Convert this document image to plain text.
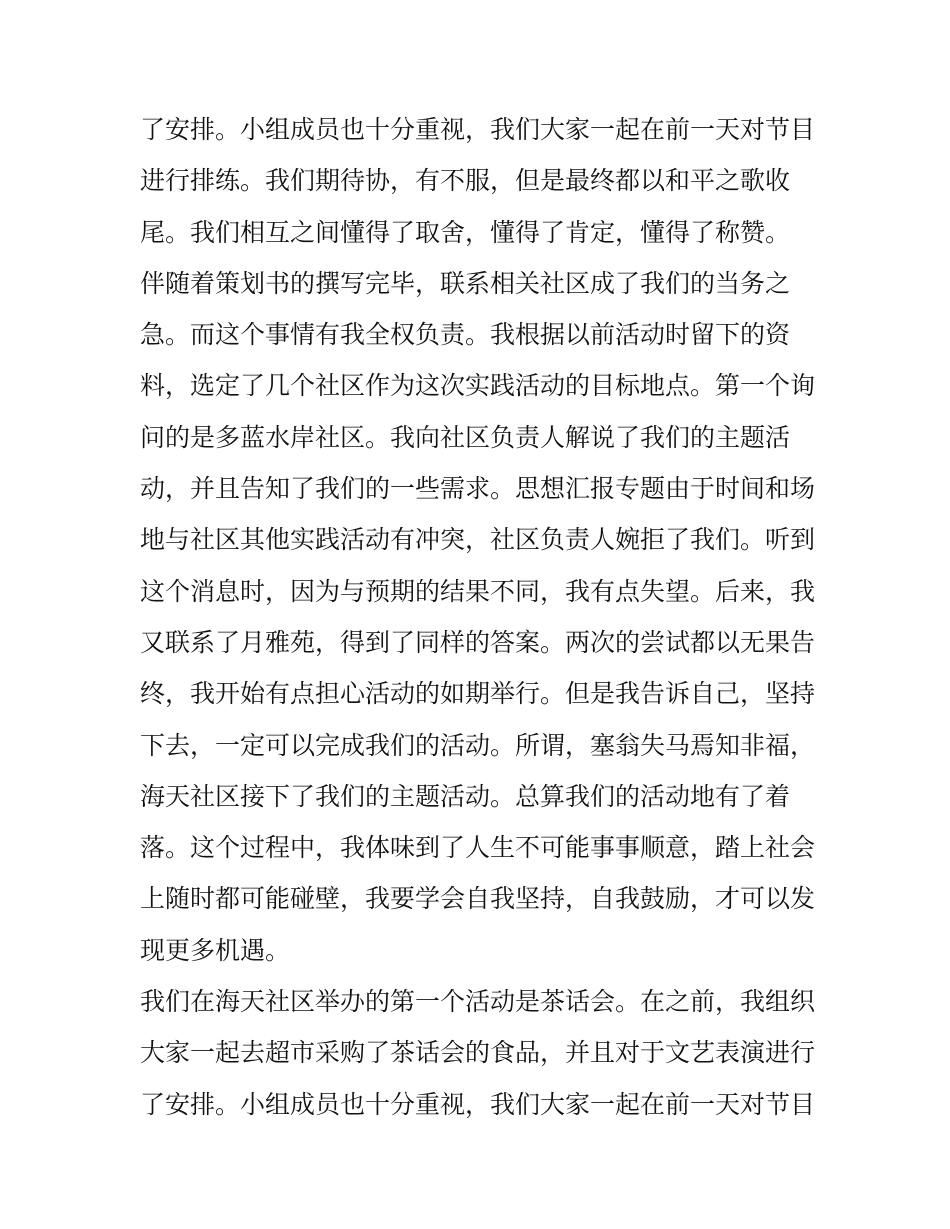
了安排。小组成员也十分重视，我们大家一起在前一天对节目
进行排练。我们期待协，有不服，但是最终都以和平之歌收
尾。我们相互之间懂得了取舍，懂得了肯定，懂得了称赞。
伴随着策划书的撰写完毕，联系相关社区成了我们的当务之
急。而这个事情有我全权负责。我根据以前活动时留下的资
料，选定了几个社区作为这次实践活动的目标地点。第一个询
问的是多蓝水岸社区。我向社区负责人解说了我们的主题活
动，并且告知了我们的一些需求。思想汇报专题由于时间和场
地与社区其他实践活动有冲突，社区负责人婉拒了我们。听到
这个消息时，因为与预期的结果不同，我有点失望。后来，我
又联系了月雅苑，得到了同样的答案。两次的尝试都以无果告
终，我开始有点担心活动的如期举行。但是我告诉自己，坚持
下去，一定可以完成我们的活动。所谓，塞翁失马焉知非福，
海天社区接下了我们的主题活动。总算我们的活动地有了着
落。这个过程中，我体味到了人生不可能事事顺意，踏上社会
上随时都可能碰壁，我要学会自我坚持，自我鼓励，才可以发
现更多机遇。
我们在海天社区举办的第一个活动是茶话会。在之前，我组织
大家一起去超市采购了茶话会的食品，并且对于文艺表演进行
了安排。小组成员也十分重视，我们大家一起在前一天对节目
